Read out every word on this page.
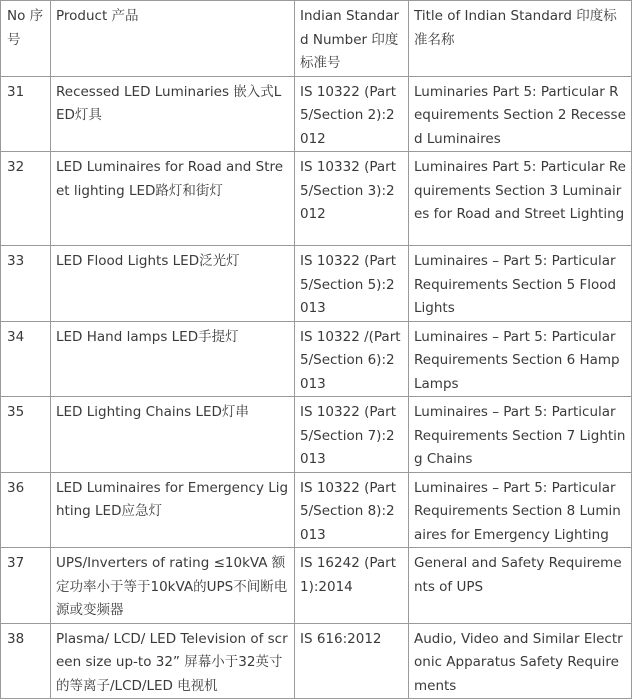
No 序号	Product 产品	Indian Standard Number 印度标准号	Title of Indian Standard 印度标准名称
31	Recessed LED Luminaries 嵌入式LED灯具	IS 10322 (Part 5/Section 2):2012	Luminaries Part 5: Particular Requirements Section 2 Recessed Luminaires
32	LED Luminaires for Road and Street lighting LED路灯和街灯	IS 10332 (Part 5/Section 3):2012	Luminaires Part 5: Particular Requirements Section 3 Luminaires for Road and Street Lighting
33	LED Flood Lights LED泛光灯	IS 10322 (Part 5/Section 5):2013	Luminaires – Part 5: Particular Requirements Section 5 Flood Lights
34	LED Hand lamps LED手提灯	IS 10322 /(Part 5/Section 6):2013	Luminaires – Part 5: Particular Requirements Section 6 Hamp Lamps
35	LED Lighting Chains LED灯串	IS 10322 (Part 5/Section 7):2013	Luminaires – Part 5: Particular Requirements Section 7 Lighting Chains
36	LED Luminaires for Emergency Lighting LED应急灯	IS 10322 (Part 5/Section 8):2013	Luminaires – Part 5: Particular Requirements Section 8 Luminaires for Emergency Lighting
37	UPS/Inverters of rating ≤10kVA 额定功率小于等于10kVA的UPS不间断电源或变频器	IS 16242 (Part 1):2014	General and Safety Requirements of UPS
38	Plasma/ LCD/ LED Television of screen size up-to 32” 屏幕小于32英寸的等离子/LCD/LED 电视机	IS 616:2012	Audio, Video and Similar Electronic Apparatus Safety Requirements
